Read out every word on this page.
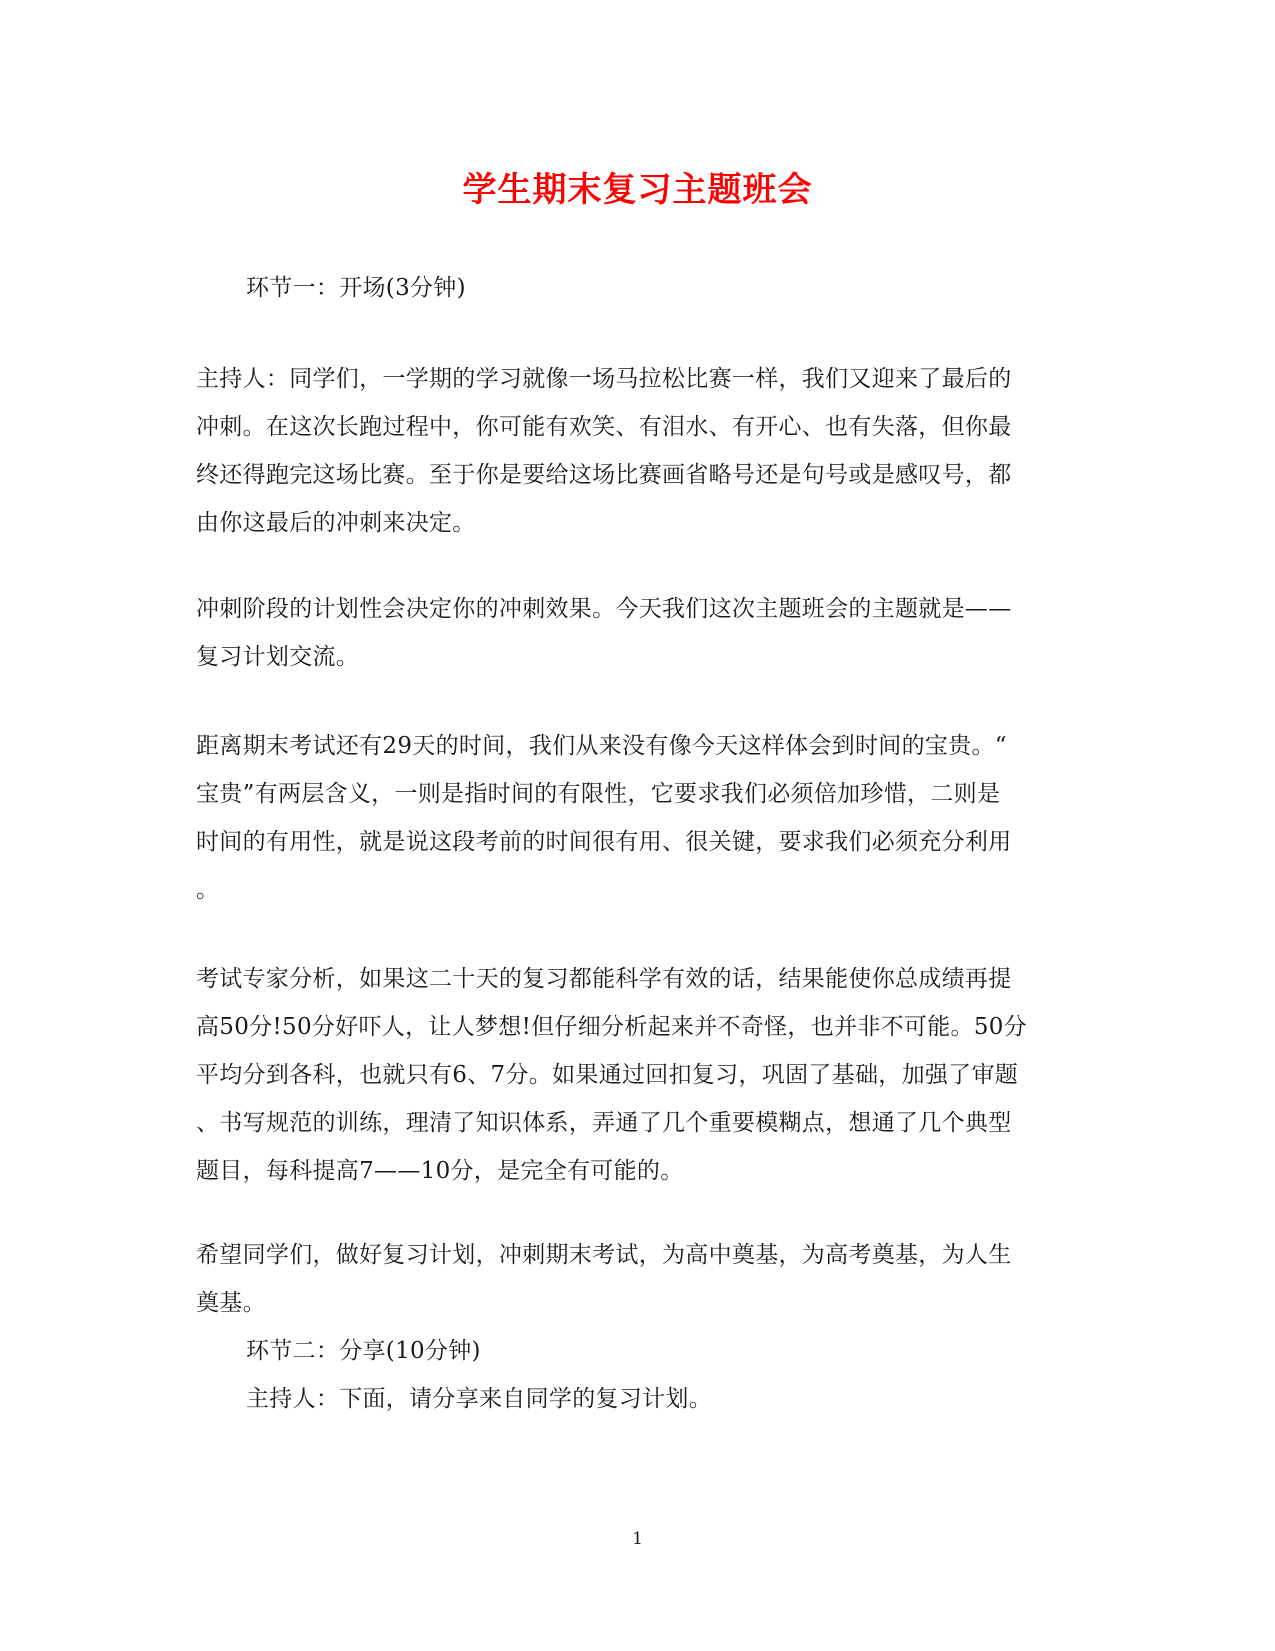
学生期末复习主题班会
环节一：开场(3分钟)
主持人：同学们，一学期的学习就像一场马拉松比赛一样，我们又迎来了最后的
冲刺。在这次长跑过程中，你可能有欢笑、有泪水、有开心、也有失落，但你最
终还得跑完这场比赛。至于你是要给这场比赛画省略号还是句号或是感叹号，都
由你这最后的冲刺来决定。
冲刺阶段的计划性会决定你的冲刺效果。今天我们这次主题班会的主题就是——
复习计划交流。
距离期末考试还有29天的时间，我们从来没有像今天这样体会到时间的宝贵。“
宝贵”有两层含义，一则是指时间的有限性，它要求我们必须倍加珍惜，二则是
时间的有用性，就是说这段考前的时间很有用、很关键，要求我们必须充分利用
。
考试专家分析，如果这二十天的复习都能科学有效的话，结果能使你总成绩再提
高50分!50分好吓人，让人梦想!但仔细分析起来并不奇怪，也并非不可能。50分
平均分到各科，也就只有6、7分。如果通过回扣复习，巩固了基础，加强了审题
、书写规范的训练，理清了知识体系，弄通了几个重要模糊点，想通了几个典型
题目，每科提高7——10分，是完全有可能的。
希望同学们，做好复习计划，冲刺期末考试，为高中奠基，为高考奠基，为人生
奠基。
环节二：分享(10分钟)
主持人：下面，请分享来自同学的复习计划。
1
